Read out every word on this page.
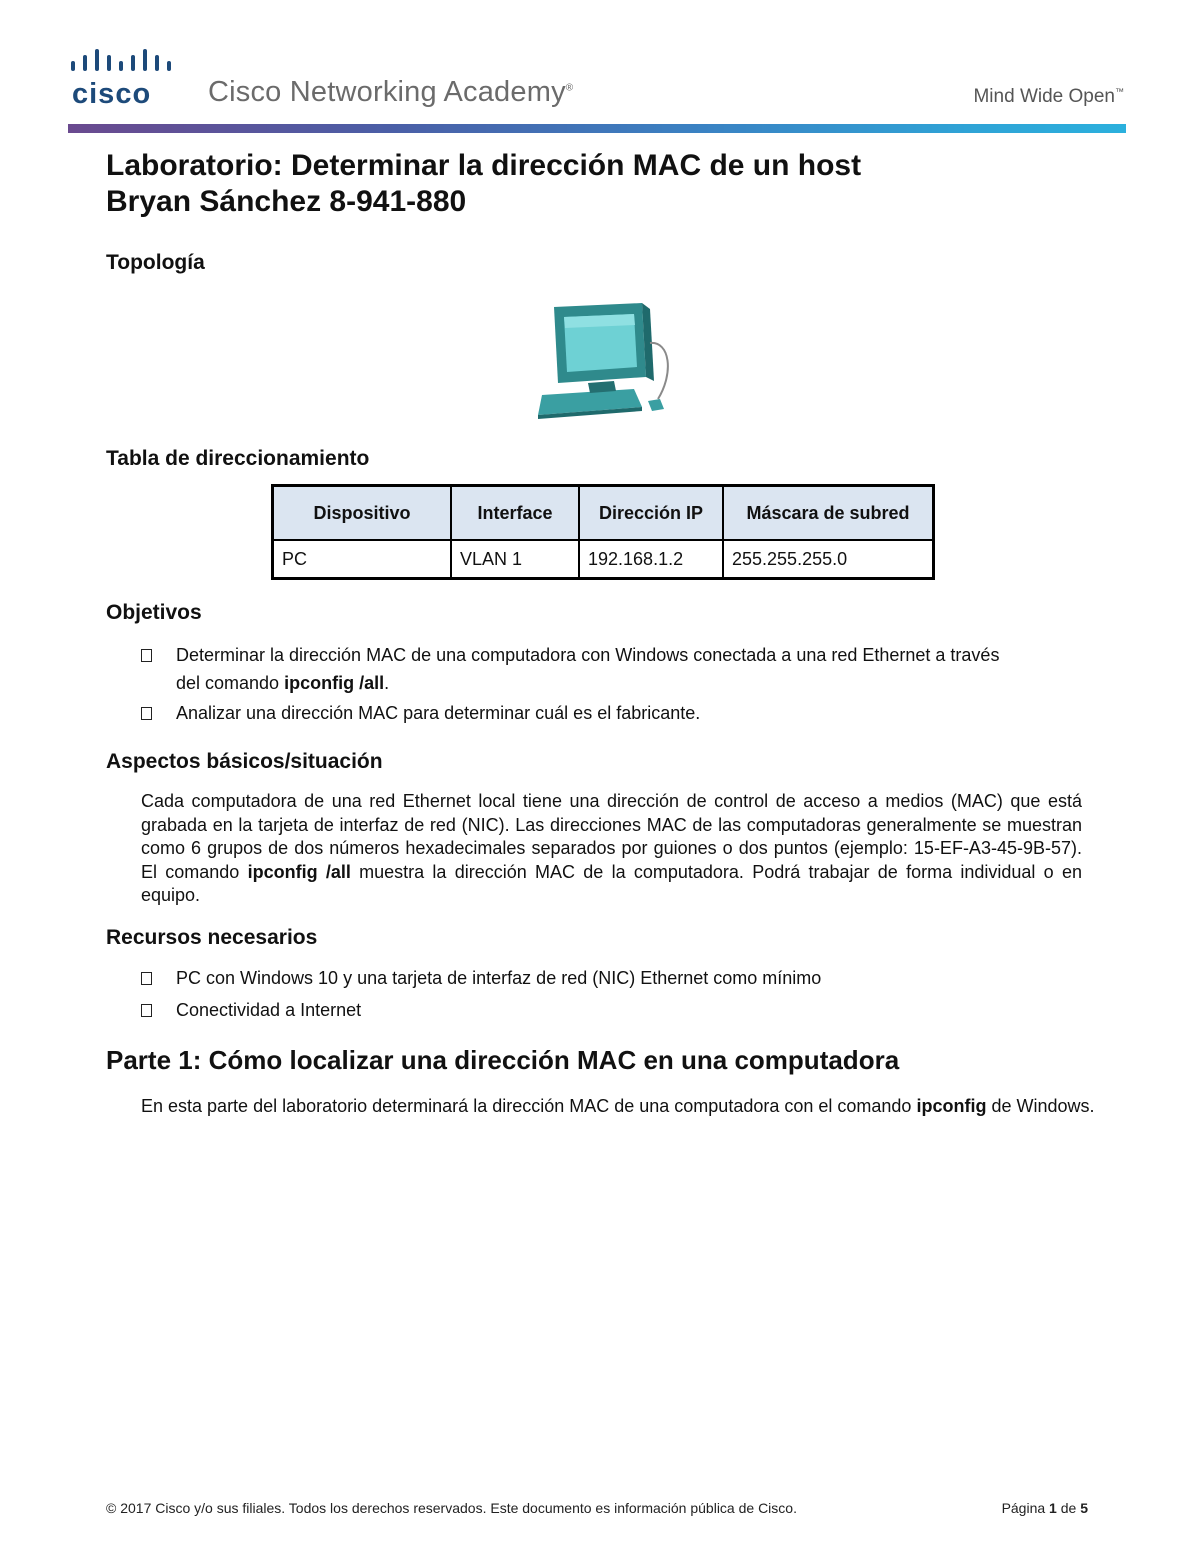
cisco Cisco Networking Academy®	Mind Wide Open™
Laboratorio: Determinar la dirección MAC de un host
Bryan Sánchez 8-941-880
Topología
Tabla de direccionamiento
Dispositivo	Interface	Dirección IP	Máscara de subred
PC	VLAN 1	192.168.1.2	255.255.255.0
Objetivos
Determinar la dirección MAC de una computadora con Windows conectada a una red Ethernet a través del comando ipconfig /all.
Analizar una dirección MAC para determinar cuál es el fabricante.
Aspectos básicos/situación

Cada computadora de una red Ethernet local tiene una dirección de control de acceso a medios (MAC) que está grabada en la tarjeta de interfaz de red (NIC). Las direcciones MAC de las computadoras generalmente se muestran como 6 grupos de dos números hexadecimales separados por guiones o dos puntos (ejemplo: 15-EF-A3-45-9B-57). El comando ipconfig /all muestra la dirección MAC de la computadora. Podrá trabajar de forma individual o en equipo.

Recursos necesarios
PC con Windows 10 y una tarjeta de interfaz de red (NIC) Ethernet como mínimo
Conectividad a Internet
Parte 1: Cómo localizar una dirección MAC en una computadora

En esta parte del laboratorio determinará la dirección MAC de una computadora con el comando ipconfig de Windows.

© 2017 Cisco y/o sus filiales. Todos los derechos reservados. Este documento es información pública de Cisco.	Página 1 de 5
